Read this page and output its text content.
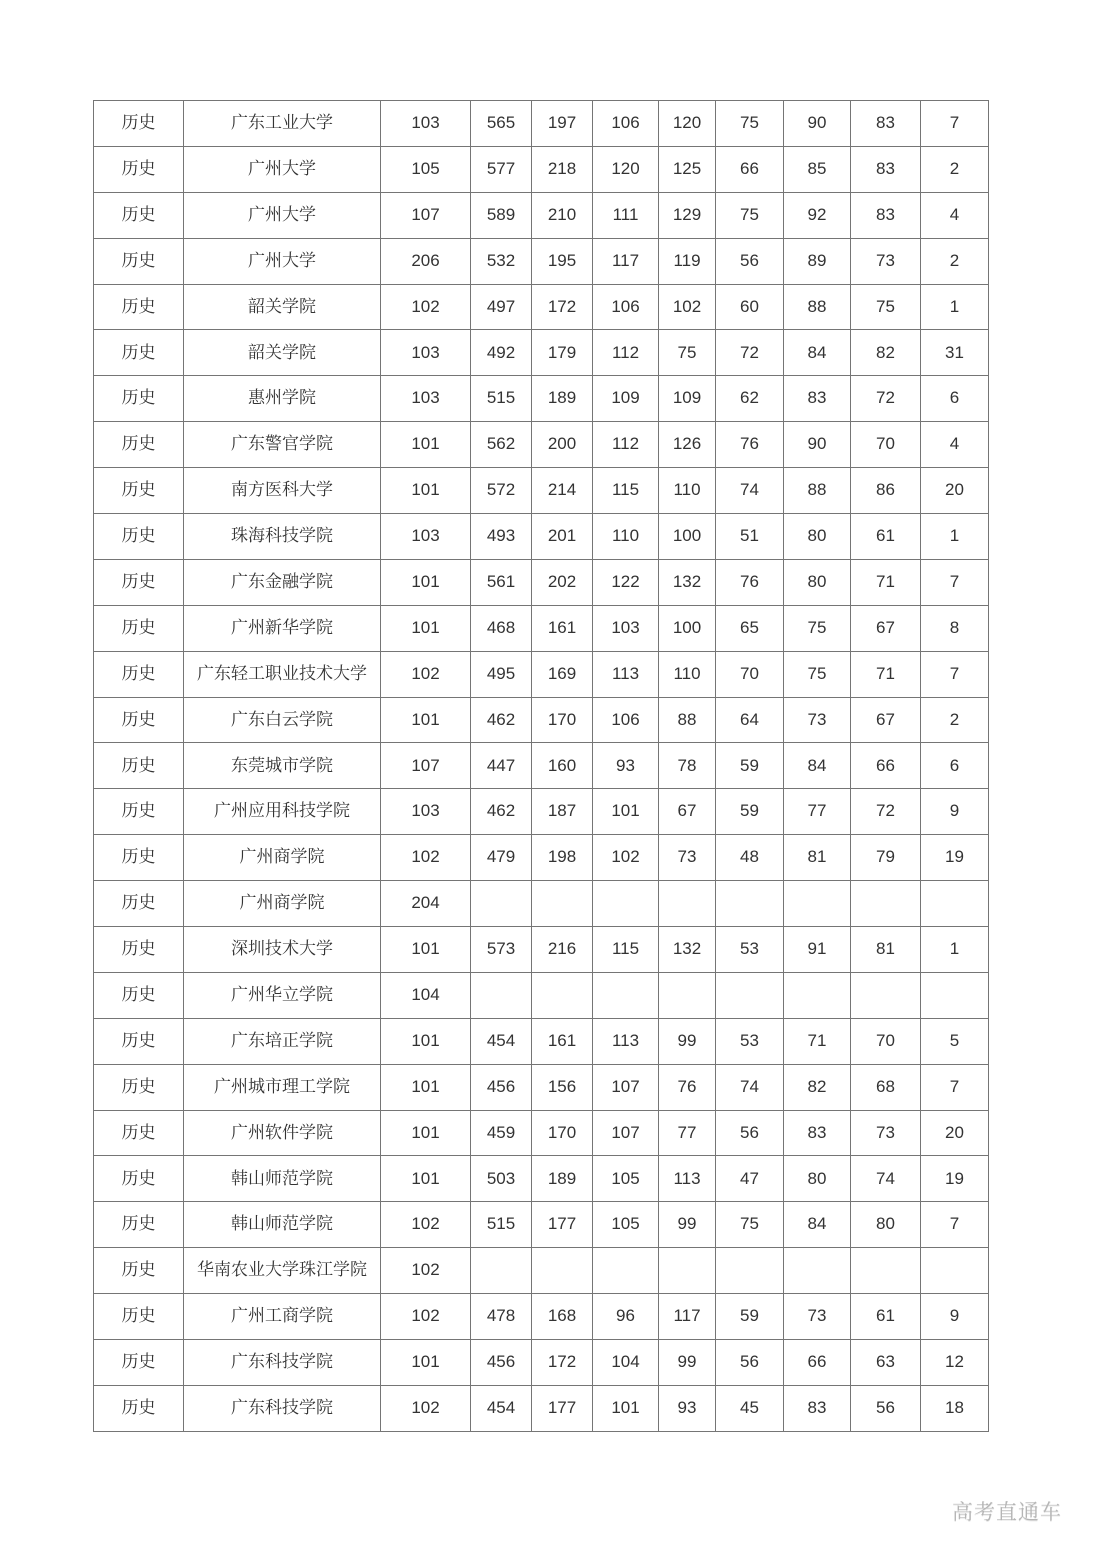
历史	广东工业大学	103	565	197	106	120	75	90	83	7
历史	广州大学	105	577	218	120	125	66	85	83	2
历史	广州大学	107	589	210	111	129	75	92	83	4
历史	广州大学	206	532	195	117	119	56	89	73	2
历史	韶关学院	102	497	172	106	102	60	88	75	1
历史	韶关学院	103	492	179	112	75	72	84	82	31
历史	惠州学院	103	515	189	109	109	62	83	72	6
历史	广东警官学院	101	562	200	112	126	76	90	70	4
历史	南方医科大学	101	572	214	115	110	74	88	86	20
历史	珠海科技学院	103	493	201	110	100	51	80	61	1
历史	广东金融学院	101	561	202	122	132	76	80	71	7
历史	广州新华学院	101	468	161	103	100	65	75	67	8
历史	广东轻工职业技术大学	102	495	169	113	110	70	75	71	7
历史	广东白云学院	101	462	170	106	88	64	73	67	2
历史	东莞城市学院	107	447	160	93	78	59	84	66	6
历史	广州应用科技学院	103	462	187	101	67	59	77	72	9
历史	广州商学院	102	479	198	102	73	48	81	79	19
历史	广州商学院	204								
历史	深圳技术大学	101	573	216	115	132	53	91	81	1
历史	广州华立学院	104								
历史	广东培正学院	101	454	161	113	99	53	71	70	5
历史	广州城市理工学院	101	456	156	107	76	74	82	68	7
历史	广州软件学院	101	459	170	107	77	56	83	73	20
历史	韩山师范学院	101	503	189	105	113	47	80	74	19
历史	韩山师范学院	102	515	177	105	99	75	84	80	7
历史	华南农业大学珠江学院	102								
历史	广州工商学院	102	478	168	96	117	59	73	61	9
历史	广东科技学院	101	456	172	104	99	56	66	63	12
历史	广东科技学院	102	454	177	101	93	45	83	56	18
高考直通车
